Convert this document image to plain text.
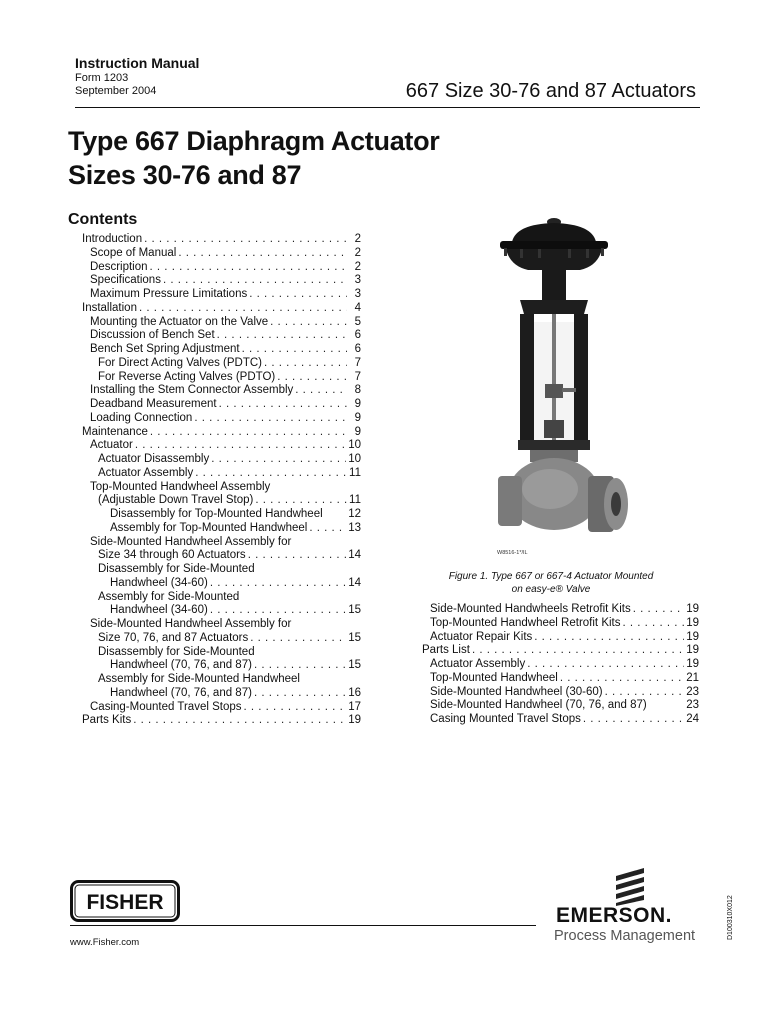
Instruction Manual
Form 1203
September 2004	667 Size 30-76 and 87 Actuators
Type 667 Diaphragm Actuator
Sizes 30-76 and 87
Contents
Introduction . . .	2
Scope of Manual . . .	2
Description . . .	2
Specifications . . .	3
Maximum Pressure Limitations . . .	3
Installation . . .	4
Mounting the Actuator on the Valve . . .	5
Discussion of Bench Set . . .	6
Bench Set Spring Adjustment . . .	6
For Direct Acting Valves (PDTC) . . .	7
For Reverse Acting Valves (PDTO) . . .	7
Installing the Stem Connector Assembly . . .	8
Deadband Measurement . . .	9
Loading Connection . . .	9
Maintenance . . .	9
Actuator . . .	10
Actuator Disassembly . . .	10
Actuator Assembly . . .	11
Top-Mounted Handwheel Assembly
(Adjustable Down Travel Stop) . . .	11
Disassembly for Top-Mounted Handwheel 12
Assembly for Top-Mounted Handwheel . . .	13
Side-Mounted Handwheel Assembly for
Size 34 through 60 Actuators . . .	14
Disassembly for Side-Mounted
Handwheel (34-60) . . .	14
Assembly for Side-Mounted
Handwheel (34-60) . . .	15
Side-Mounted Handwheel Assembly for
Size 70, 76, and 87 Actuators . . .	15
Disassembly for Side-Mounted
Handwheel (70, 76, and 87) . . .	15
Assembly for Side-Mounted Handwheel
Handwheel (70, 76, and 87) . . .	16
Casing-Mounted Travel Stops . . .	17
Parts Kits . . .	19
Side-Mounted Handwheels Retrofit Kits . . .	19
Top-Mounted Handwheel Retrofit Kits . . .	19
Actuator Repair Kits . . .	19
Parts List . . .	19
Actuator Assembly . . .	19
Top-Mounted Handwheel . . .	21
Side-Mounted Handwheel (30-60) . . .	23
Side-Mounted Handwheel (70, 76, and 87)	23
Casing Mounted Travel Stops . . .	24
W8516-1*/IL
Figure 1. Type 667 or 667-4 Actuator Mounted
on easy-e® Valve
FISHER
www.Fisher.com
EMERSON.
Process Management	D100310X012
